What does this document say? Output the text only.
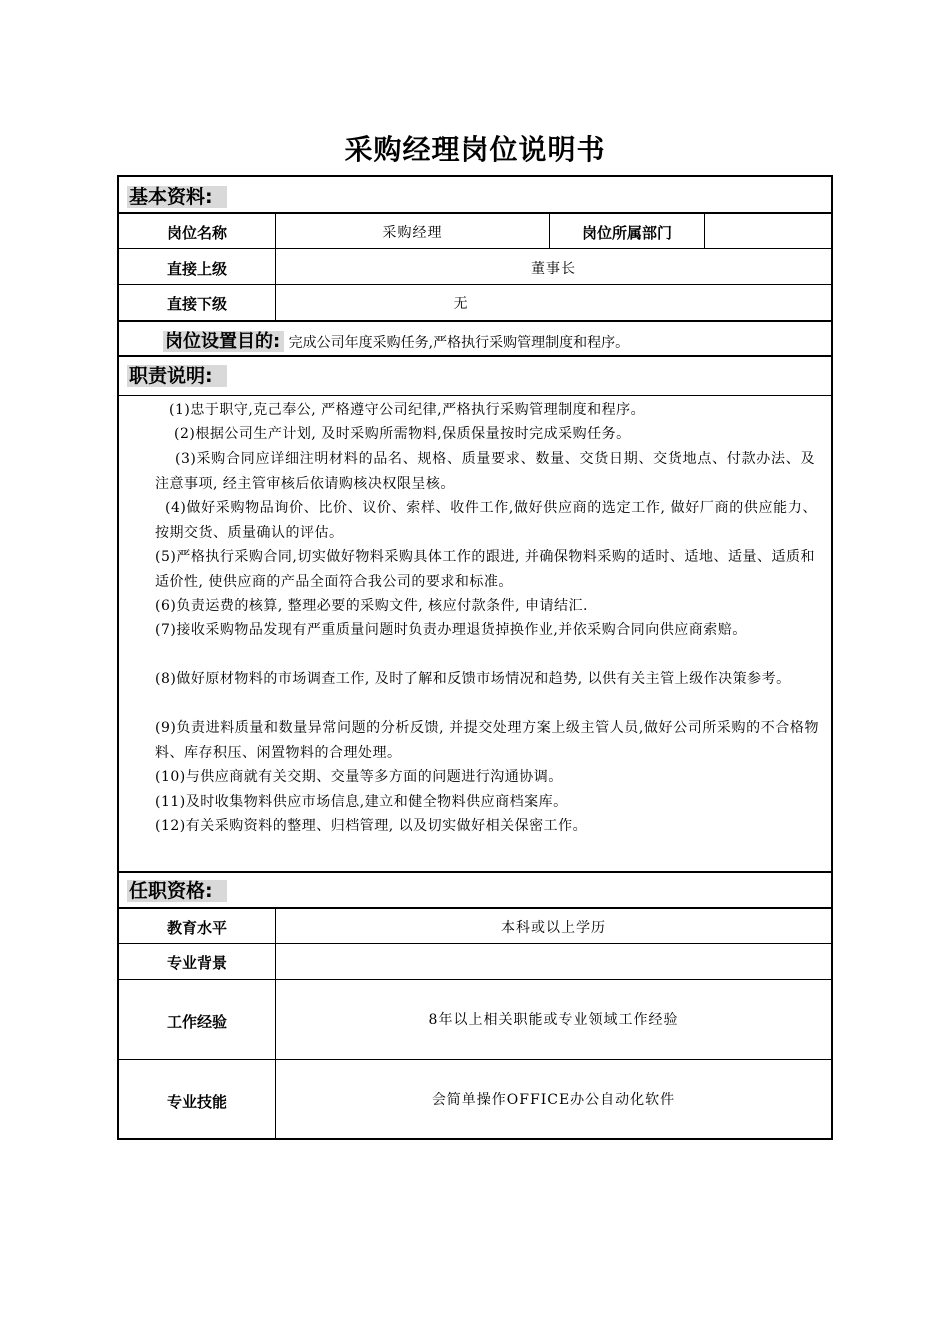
采购经理岗位说明书
基本资料:
岗位名称	采购经理	岗位所属部门
直接上级	董事长
直接下级	无
岗位设置目的: 完成公司年度采购任务,严格执行采购管理制度和程序。
职责说明:
(1)忠于职守,克己奉公, 严格遵守公司纪律,严格执行采购管理制度和程序。
(2)根据公司生产计划, 及时采购所需物料,保质保量按时完成采购任务。
(3)采购合同应详细注明材料的品名、规格、质量要求、数量、交货日期、交货地点、付款办法、及注意事项, 经主管审核后依请购核决权限呈核。
(4)做好采购物品询价、比价、议价、索样、收件工作,做好供应商的选定工作, 做好厂商的供应能力、按期交货、质量确认的评估。
(5)严格执行采购合同,切实做好物料采购具体工作的跟进, 并确保物料采购的适时、适地、适量、适质和适价性, 使供应商的产品全面符合我公司的要求和标准。
(6)负责运费的核算, 整理必要的采购文件, 核应付款条件, 申请结汇.
(7)接收采购物品发现有严重质量问题时负责办理退货掉换作业,并依采购合同向供应商索赔。
(8)做好原材物料的市场调查工作, 及时了解和反馈市场情况和趋势, 以供有关主管上级作决策参考。
(9)负责进料质量和数量异常问题的分析反馈, 并提交处理方案上级主管人员,做好公司所采购的不合格物料、库存积压、闲置物料的合理处理。
(10)与供应商就有关交期、交量等多方面的问题进行沟通协调。
(11)及时收集物料供应市场信息,建立和健全物料供应商档案库。
(12)有关采购资料的整理、归档管理, 以及切实做好相关保密工作。
任职资格:
教育水平	本科或以上学历
专业背景
工作经验	8年以上相关职能或专业领域工作经验
专业技能	会简单操作OFFICE办公自动化软件
